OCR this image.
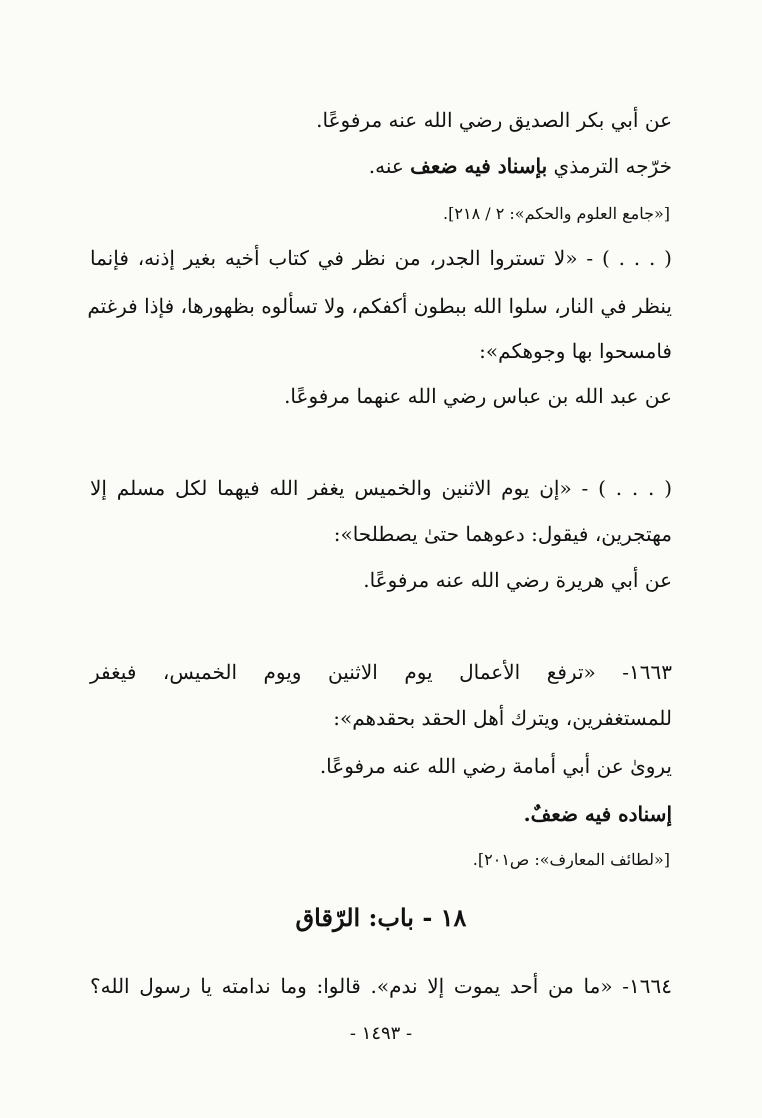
عن أبي بكر الصديق رضي الله عنه مرفوعًا.
خرّجه الترمذي بإسناد فيه ضعف عنه.
[«جامع العلوم والحكم»: ٢ / ٢١٨].
( . . . ) - «لا تستروا الجدر، من نظر في كتاب أخيه بغير إذنه، فإنما
ينظر في النار، سلوا الله ببطون أكفكم، ولا تسألوه بظهورها، فإذا فرغتم
فامسحوا بها وجوهكم»:
عن عبد الله بن عباس رضي الله عنهما مرفوعًا.
( . . . ) - «إن يوم الاثنين والخميس يغفر الله فيهما لكل مسلم إلا
مهتجرين، فيقول: دعوهما حتىٰ يصطلحا»:
عن أبي هريرة رضي الله عنه مرفوعًا.
١٦٦٣- «ترفع الأعمال يوم الاثنين ويوم الخميس، فيغفر
للمستغفرين، ويترك أهل الحقد بحقدهم»:
يروىٰ عن أبي أمامة رضي الله عنه مرفوعًا.
إسناده فيه ضعفٌ.
[«لطائف المعارف»: ص٢٠١].
١٨ - باب: الرّقاق
١٦٦٤- «ما من أحد يموت إلا ندم». قالوا: وما ندامته يا رسول الله؟
- ١٤٩٣ -
